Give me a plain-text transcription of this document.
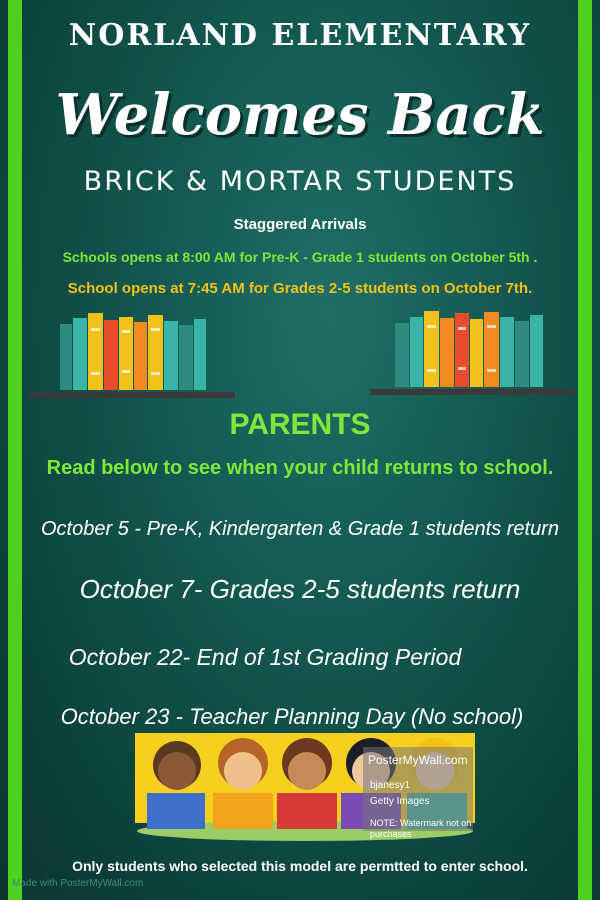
NORLAND ELEMENTARY
Welcomes Back
BRICK & MORTAR STUDENTS
Staggered Arrivals
Schools opens at 8:00 AM for Pre-K - Grade 1 students on October 5th .
School opens at 7:45 AM for Grades 2-5 students on October 7th.
PARENTS
Read below to see when your child returns to school.
October 5 - Pre-K, Kindergarten & Grade 1 students return
October 7- Grades 2-5 students return
October 22- End of 1st Grading Period
October 23 - Teacher Planning Day (No school)
PosterMyWall.com
bjanesy1
Getty Images
NOTE: Watermark not on
purchases
Only students who selected this model are permtted to enter school.
Made with PosterMyWall.com
